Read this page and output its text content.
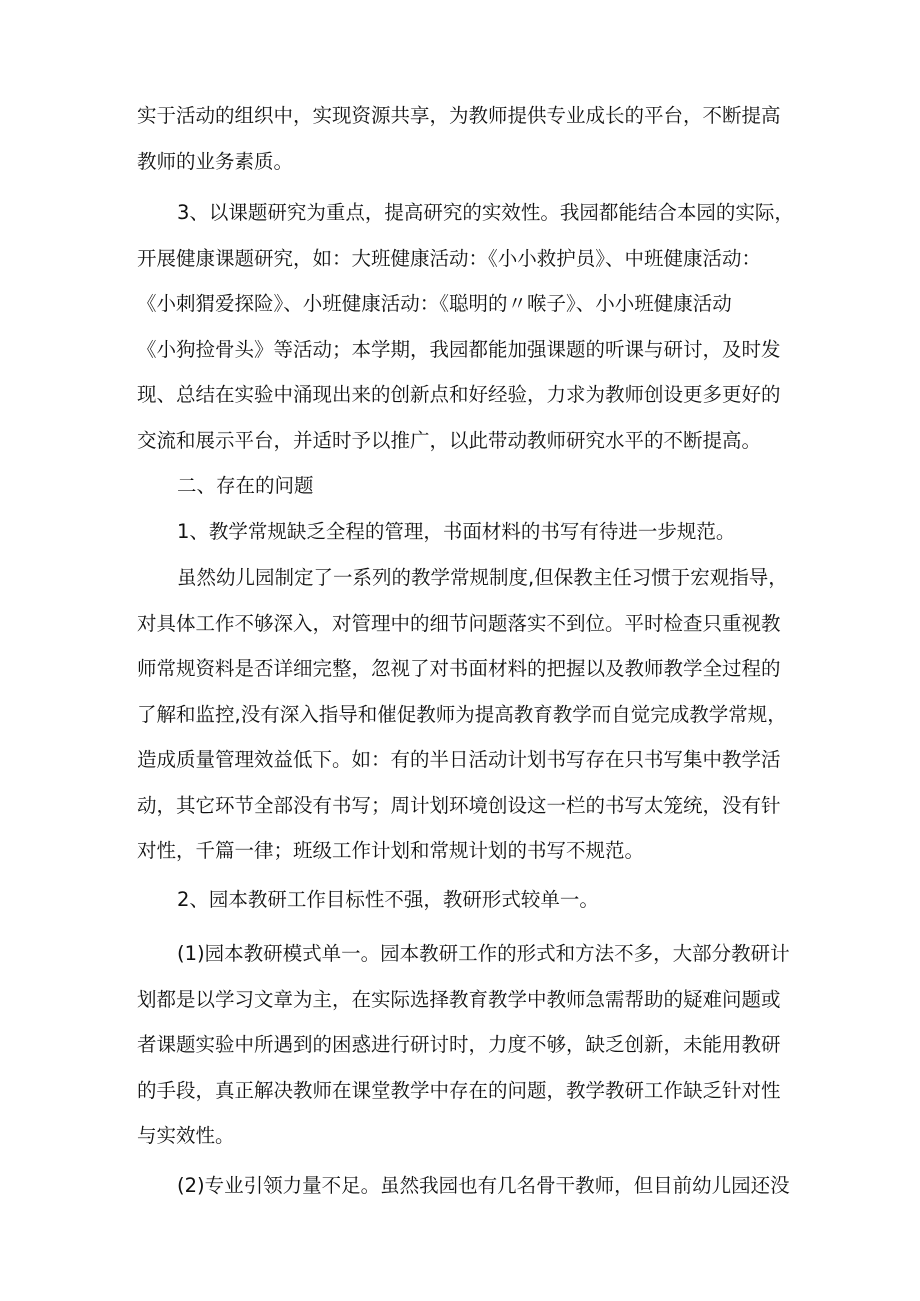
实于活动的组织中，实现资源共享，为教师提供专业成长的平台，不断提高
教师的业务素质。
3、以课题研究为重点，提高研究的实效性。我园都能结合本园的实际，
开展健康课题研究，如：大班健康活动：《小小救护员》、中班健康活动：
《小刺猬爱探险》、小班健康活动：《聪明的〃喉子》、小小班健康活动
《小狗捡骨头》等活动；本学期，我园都能加强课题的听课与研讨，及时发
现、总结在实验中涌现出来的创新点和好经验，力求为教师创设更多更好的
交流和展示平台，并适时予以推广，以此带动教师研究水平的不断提高。
二、存在的问题
1、教学常规缺乏全程的管理，书面材料的书写有待进一步规范。
虽然幼儿园制定了一系列的教学常规制度,但保教主任习惯于宏观指导，
对具体工作不够深入，对管理中的细节问题落实不到位。平时检查只重视教
师常规资料是否详细完整，忽视了对书面材料的把握以及教师教学全过程的
了解和监控,没有深入指导和催促教师为提高教育教学而自觉完成教学常规，
造成质量管理效益低下。如：有的半日活动计划书写存在只书写集中教学活
动，其它环节全部没有书写；周计划环境创设这一栏的书写太笼统，没有针
对性，千篇一律；班级工作计划和常规计划的书写不规范。
2、园本教研工作目标性不强，教研形式较单一。
(1)园本教研模式单一。园本教研工作的形式和方法不多，大部分教研计
划都是以学习文章为主，在实际选择教育教学中教师急需帮助的疑难问题或
者课题实验中所遇到的困惑进行研讨时，力度不够，缺乏创新，未能用教研
的手段，真正解决教师在课堂教学中存在的问题，教学教研工作缺乏针对性
与实效性。
(2)专业引领力量不足。虽然我园也有几名骨干教师，但目前幼儿园还没
